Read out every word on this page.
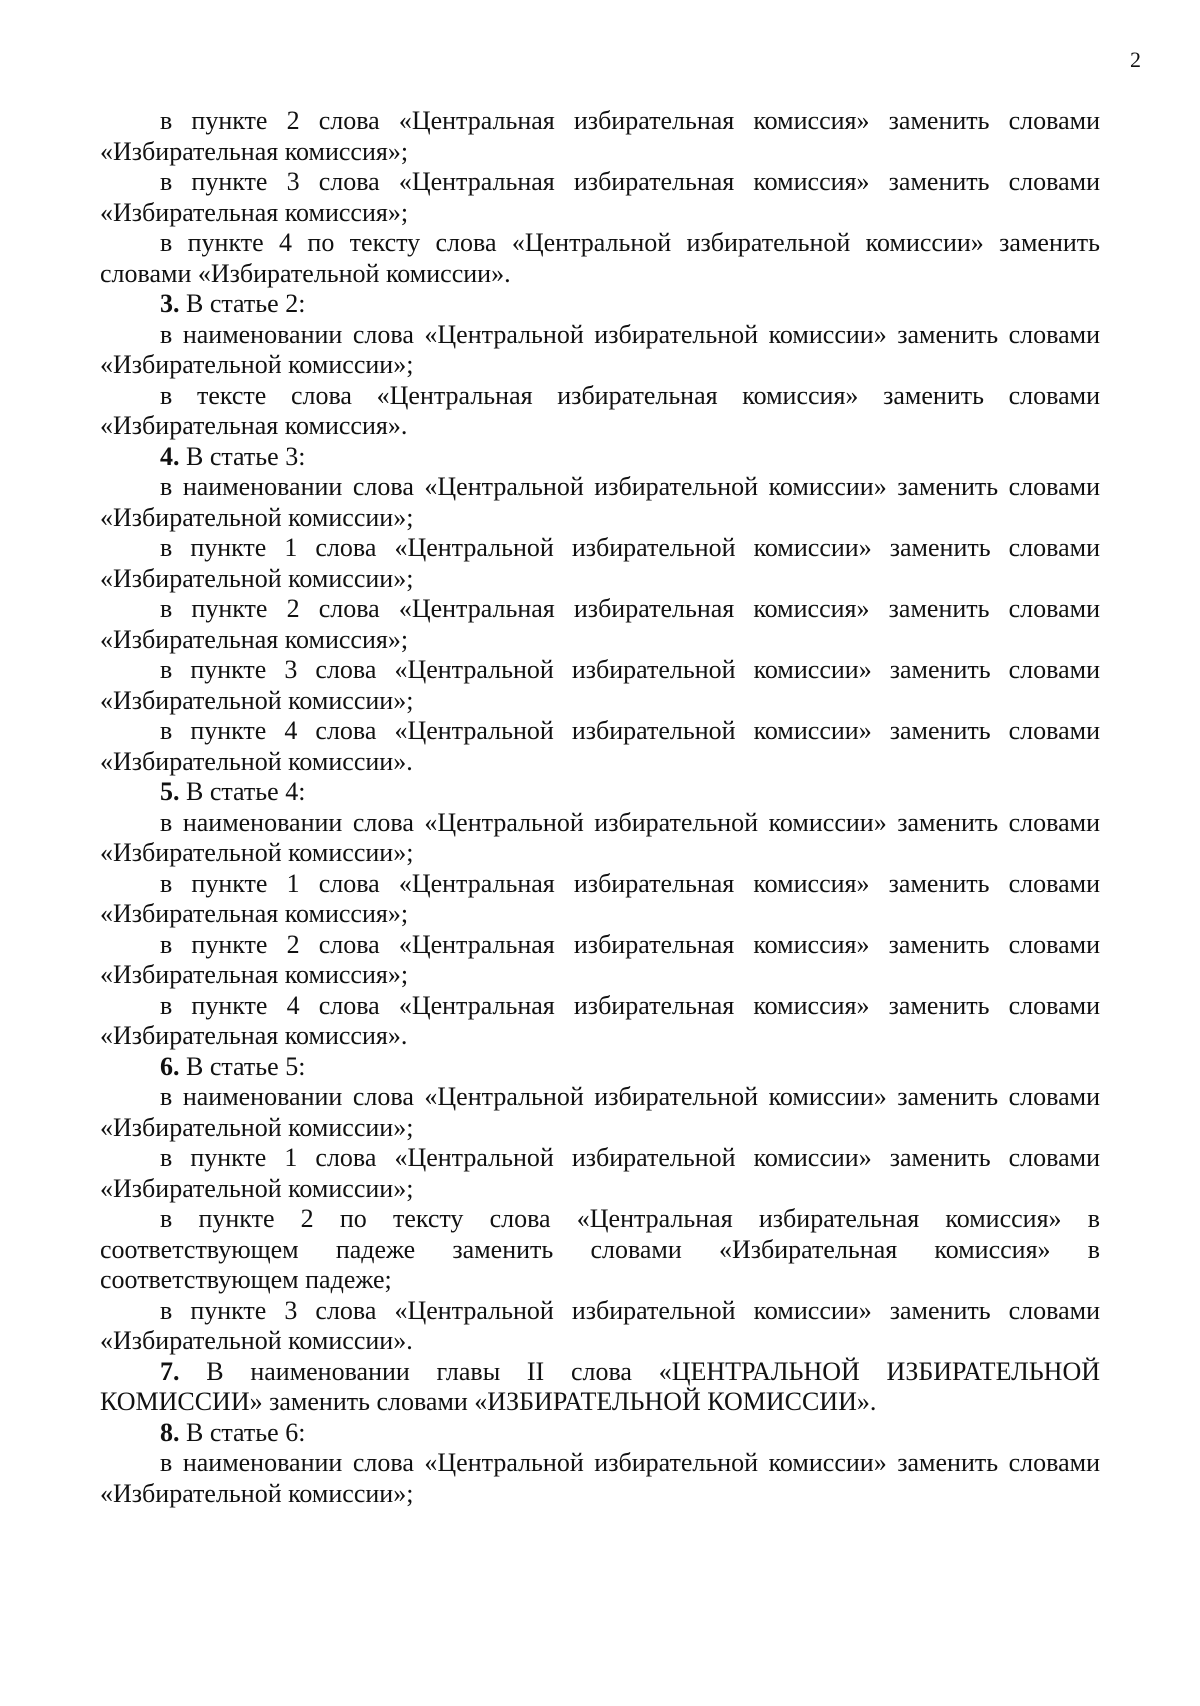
2

в пункте 2 слова «Центральная избирательная комиссия» заменить словами «Избирательная комиссия»;

в пункте 3 слова «Центральная избирательная комиссия» заменить словами «Избирательная комиссия»;

в пункте 4 по тексту слова «Центральной избирательной комиссии» заменить словами «Избирательной комиссии».

3. В статье 2:

в наименовании слова «Центральной избирательной комиссии» заменить словами «Избирательной комиссии»;

в тексте слова «Центральная избирательная комиссия» заменить словами «Избирательная комиссия».

4. В статье 3:

в наименовании слова «Центральной избирательной комиссии» заменить словами «Избирательной комиссии»;

в пункте 1 слова «Центральной избирательной комиссии» заменить словами «Избирательной комиссии»;

в пункте 2 слова «Центральная избирательная комиссия» заменить словами «Избирательная комиссия»;

в пункте 3 слова «Центральной избирательной комиссии» заменить словами «Избирательной комиссии»;

в пункте 4 слова «Центральной избирательной комиссии» заменить словами «Избирательной комиссии».

5. В статье 4:

в наименовании слова «Центральной избирательной комиссии» заменить словами «Избирательной комиссии»;

в пункте 1 слова «Центральная избирательная комиссия» заменить словами «Избирательная комиссия»;

в пункте 2 слова «Центральная избирательная комиссия» заменить словами «Избирательная комиссия»;

в пункте 4 слова «Центральная избирательная комиссия» заменить словами «Избирательная комиссия».

6. В статье 5:

в наименовании слова «Центральной избирательной комиссии» заменить словами «Избирательной комиссии»;

в пункте 1 слова «Центральной избирательной комиссии» заменить словами «Избирательной комиссии»;

в пункте 2 по тексту слова «Центральная избирательная комиссия» в соответствующем падеже заменить словами «Избирательная комиссия» в соответствующем падеже;

в пункте 3 слова «Центральной избирательной комиссии» заменить словами «Избирательной комиссии».

7. В наименовании главы II слова «ЦЕНТРАЛЬНОЙ ИЗБИРАТЕЛЬНОЙ КОМИССИИ» заменить словами «ИЗБИРАТЕЛЬНОЙ КОМИССИИ».

8. В статье 6:

в наименовании слова «Центральной избирательной комиссии» заменить словами «Избирательной комиссии»;
